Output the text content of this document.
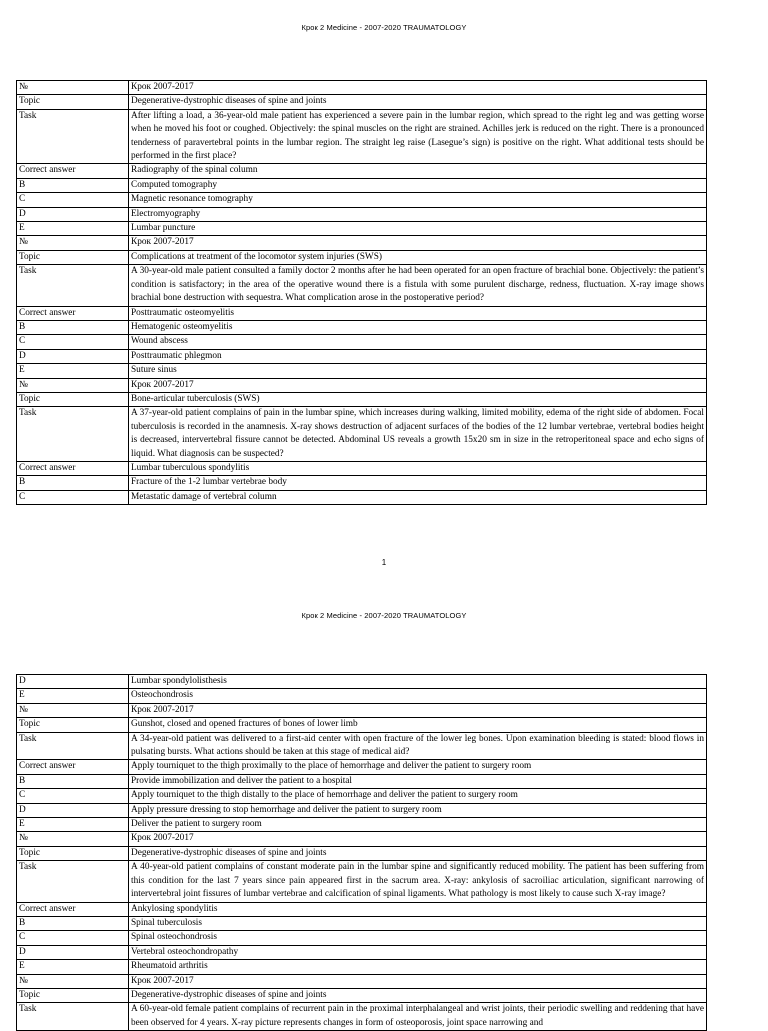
Крок 2 Medicine - 2007-2020 TRAUMATOLOGY
№	Крок 2007-2017
Topic	Degenerative-dystrophic diseases of spine and joints
Task	After lifting a load, a 36-year-old male patient has experienced a severe pain in the lumbar region, which spread to the right leg and was getting worse when he moved his foot or coughed. Objectively: the spinal muscles on the right are strained. Achilles jerk is reduced on the right. There is a pronounced tenderness of paravertebral points in the lumbar region. The straight leg raise (Lasegue’s sign) is positive on the right. What additional tests should be performed in the first place?
Correct answer	Radiography of the spinal column
B	Computed tomography
C	Magnetic resonance tomography
D	Electromyography
E	Lumbar puncture
№	Крок 2007-2017
Topic	Complications at treatment of the locomotor system injuries (SWS)
Task	A 30-year-old male patient consulted a family doctor 2 months after he had been operated for an open fracture of brachial bone. Objectively: the patient’s condition is satisfactory; in the area of the operative wound there is a fistula with some purulent discharge, redness, fluctuation. X-ray image shows brachial bone destruction with sequestra. What complication arose in the postoperative period?
Correct answer	Posttraumatic osteomyelitis
B	Hematogenic osteomyelitis
C	Wound abscess
D	Posttraumatic phlegmon
E	Suture sinus
№	Крок 2007-2017
Topic	Bone-articular tuberculosis (SWS)
Task	A 37-year-old patient complains of pain in the lumbar spine, which increases during walking, limited mobility, edema of the right side of abdomen. Focal tuberculosis is recorded in the anamnesis. X-ray shows destruction of adjacent surfaces of the bodies of the 12 lumbar vertebrae, vertebral bodies height is decreased, intervertebral fissure cannot be detected. Abdominal US reveals a growth 15x20 sm in size in the retroperitoneal space and echo signs of liquid. What diagnosis can be suspected?
Correct answer	Lumbar tuberculous spondylitis
B	Fracture of the 1-2 lumbar vertebrae body
C	Metastatic damage of vertebral column
1
Крок 2 Medicine - 2007-2020 TRAUMATOLOGY
D	Lumbar spondylolisthesis
E	Osteochondrosis
№	Крок 2007-2017
Topic	Gunshot, closed and opened fractures of bones of lower limb
Task	A 34-year-old patient was delivered to a first-aid center with open fracture of the lower leg bones. Upon examination bleeding is stated: blood flows in pulsating bursts. What actions should be taken at this stage of medical aid?
Correct answer	Apply tourniquet to the thigh proximally to the place of hemorrhage and deliver the patient to surgery room
B	Provide immobilization and deliver the patient to a hospital
C	Apply tourniquet to the thigh distally to the place of hemorrhage and deliver the patient to surgery room
D	Apply pressure dressing to stop hemorrhage and deliver the patient to surgery room
E	Deliver the patient to surgery room
№	Крок 2007-2017
Topic	Degenerative-dystrophic diseases of spine and joints
Task	A 40-year-old patient complains of constant moderate pain in the lumbar spine and significantly reduced mobility. The patient has been suffering from this condition for the last 7 years since pain appeared first in the sacrum area. X-ray: ankylosis of sacroiliac articulation, significant narrowing of intervertebral joint fissures of lumbar vertebrae and calcification of spinal ligaments. What pathology is most likely to cause such X-ray image?
Correct answer	Ankylosing spondylitis
B	Spinal tuberculosis
C	Spinal osteochondrosis
D	Vertebral osteochondropathy
E	Rheumatoid arthritis
№	Крок 2007-2017
Topic	Degenerative-dystrophic diseases of spine and joints
Task	A 60-year-old female patient complains of recurrent pain in the proximal interphalangeal and wrist joints, their periodic swelling and reddening that have been observed for 4 years. X-ray picture represents changes in form of osteoporosis, joint space narrowing and
